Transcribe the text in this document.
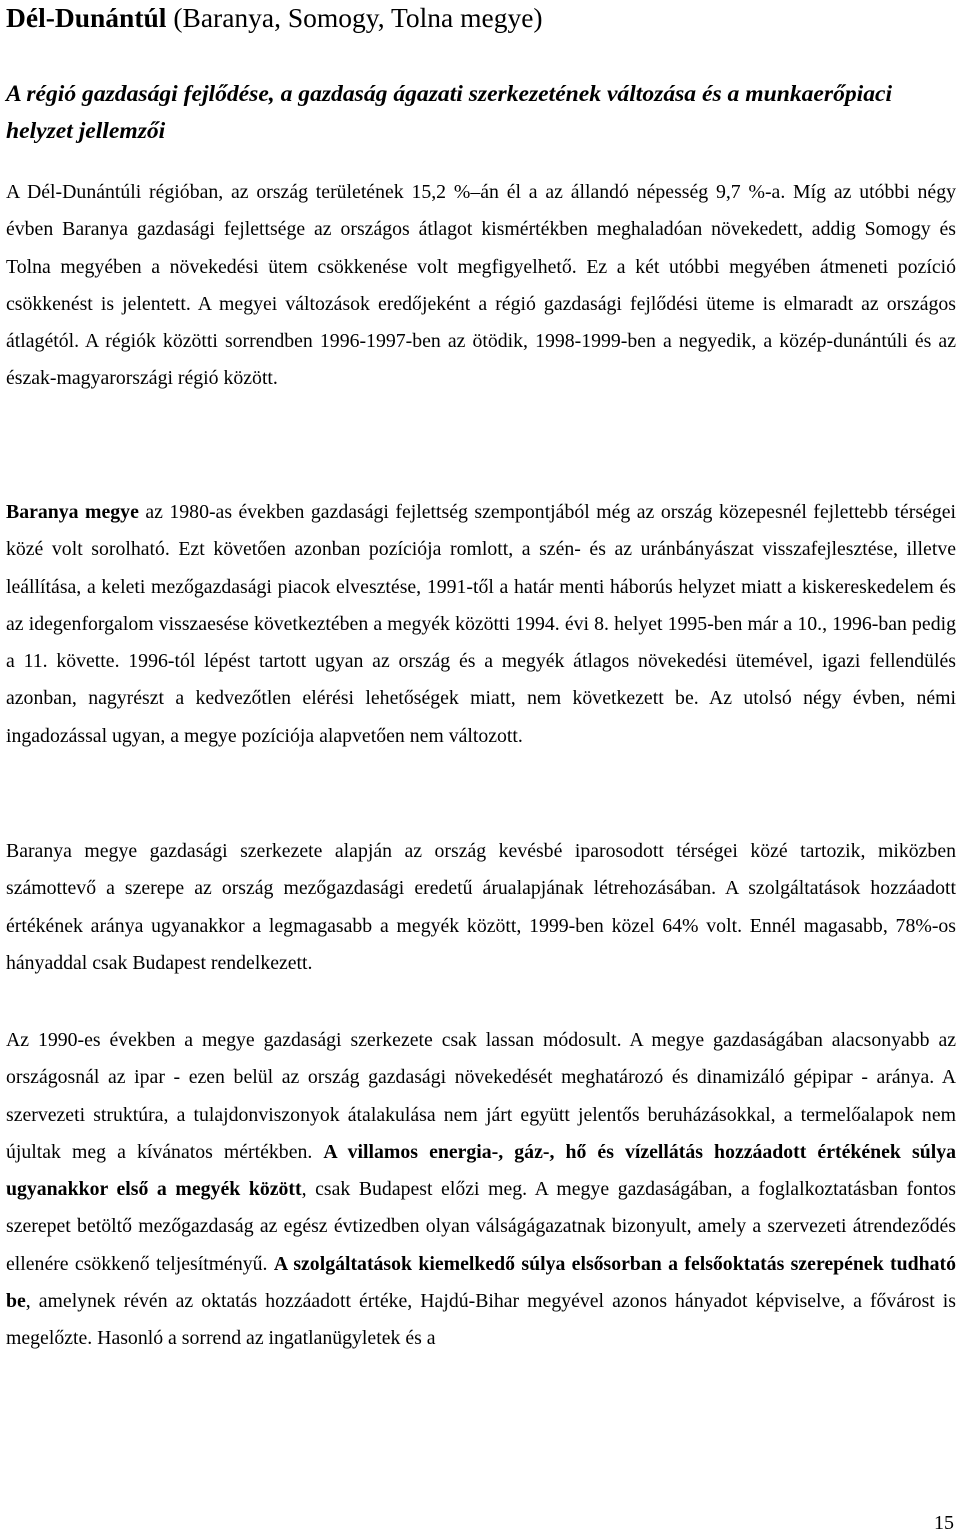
Dél-Dunántúl (Baranya, Somogy, Tolna megye)
A régió gazdasági fejlődése, a gazdaság ágazati szerkezetének változása és a munkaerőpiaci helyzet jellemzői

A Dél-Dunántúli régióban, az ország területének 15,2 %–án él a az állandó népesség 9,7 %-a. Míg az utóbbi négy évben Baranya gazdasági fejlettsége az országos átlagot kismértékben meghaladóan növekedett, addig Somogy és Tolna megyében a növekedési ütem csökkenése volt megfigyelhető. Ez a két utóbbi megyében átmeneti pozíció csökkenést is jelentett. A megyei változások eredőjeként a régió gazdasági fejlődési üteme is elmaradt az országos átlagétól. A régiók közötti sorrendben 1996-1997-ben az ötödik, 1998-1999-ben a negyedik, a közép-dunántúli és az észak-magyarországi régió között.

Baranya megye az 1980-as években gazdasági fejlettség szempontjából még az ország közepesnél fejlettebb térségei közé volt sorolható. Ezt követően azonban pozíciója romlott, a szén- és az uránbányászat visszafejlesztése, illetve leállítása, a keleti mezőgazdasági piacok elvesztése, 1991-től a határ menti háborús helyzet miatt a kiskereskedelem és az idegenforgalom visszaesése következtében a megyék közötti 1994. évi 8. helyet 1995-ben már a 10., 1996-ban pedig a 11. követte. 1996-tól lépést tartott ugyan az ország és a megyék átlagos növekedési ütemével, igazi fellendülés azonban, nagyrészt a kedvezőtlen elérési lehetőségek miatt, nem következett be. Az utolsó négy évben, némi ingadozással ugyan, a megye pozíciója alapvetően nem változott.

Baranya megye gazdasági szerkezete alapján az ország kevésbé iparosodott térségei közé tartozik, miközben számottevő a szerepe az ország mezőgazdasági eredetű árualapjának létrehozásában. A szolgáltatások hozzáadott értékének aránya ugyanakkor a legmagasabb a megyék között, 1999-ben közel 64% volt. Ennél magasabb, 78%-os hányaddal csak Budapest rendelkezett.

Az 1990-es években a megye gazdasági szerkezete csak lassan módosult. A megye gazdaságában alacsonyabb az országosnál az ipar - ezen belül az ország gazdasági növekedését meghatározó és dinamizáló gépipar - aránya. A szervezeti struktúra, a tulajdonviszonyok átalakulása nem járt együtt jelentős beruházásokkal, a termelőalapok nem újultak meg a kívánatos mértékben. A villamos energia-, gáz-, hő és vízellátás hozzáadott értékének súlya ugyanakkor első a megyék között, csak Budapest előzi meg. A megye gazdaságában, a foglalkoztatásban fontos szerepet betöltő mezőgazdaság az egész évtizedben olyan válságágazatnak bizonyult, amely a szervezeti átrendeződés ellenére csökkenő teljesítményű. A szolgáltatások kiemelkedő súlya elsősorban a felsőoktatás szerepének tudható be, amelynek révén az oktatás hozzáadott értéke, Hajdú-Bihar megyével azonos hányadot képviselve, a fővárost is megelőzte. Hasonló a sorrend az ingatlanügyletek és a

15
